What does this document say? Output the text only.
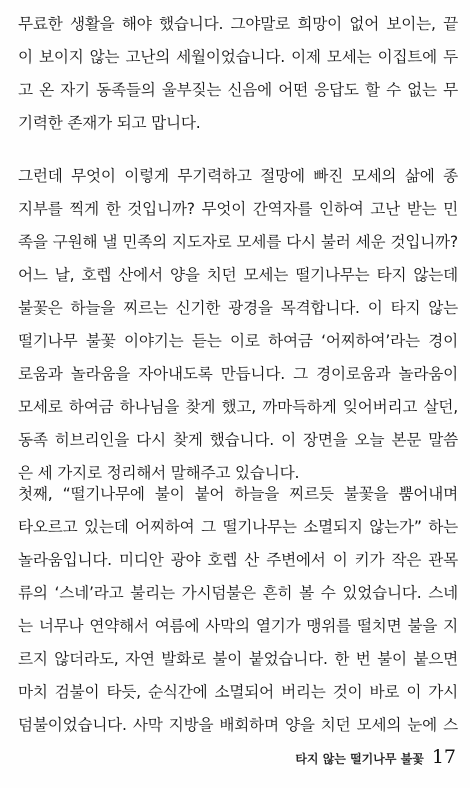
무료한 생활을 해야 했습니다. 그야말로 희망이 없어 보이는, 끝
이 보이지 않는 고난의 세월이었습니다. 이제 모세는 이집트에 두
고 온 자기 동족들의 울부짖는 신음에 어떤 응답도 할 수 없는 무
기력한 존재가 되고 맙니다.
그런데 무엇이 이렇게 무기력하고 절망에 빠진 모세의 삶에 종
지부를 찍게 한 것입니까? 무엇이 간역자를 인하여 고난 받는 민
족을 구원해 낼 민족의 지도자로 모세를 다시 불러 세운 것입니까?
어느 날, 호렙 산에서 양을 치던 모세는 떨기나무는 타지 않는데
불꽃은 하늘을 찌르는 신기한 광경을 목격합니다. 이 타지 않는
떨기나무 불꽃 이야기는 듣는 이로 하여금 ‘어찌하여’라는 경이
로움과 놀라움을 자아내도록 만듭니다. 그 경이로움과 놀라움이
모세로 하여금 하나님을 찾게 했고, 까마득하게 잊어버리고 살던,
동족 히브리인을 다시 찾게 했습니다. 이 장면을 오늘 본문 말씀
은 세 가지로 정리해서 말해주고 있습니다.
첫째, “떨기나무에 불이 붙어 하늘을 찌르듯 불꽃을 뿜어내며
타오르고 있는데 어찌하여 그 떨기나무는 소멸되지 않는가” 하는
놀라움입니다. 미디안 광야 호렙 산 주변에서 이 키가 작은 관목
류의 ‘스네’라고 불리는 가시덤불은 흔히 볼 수 있었습니다. 스네
는 너무나 연약해서 여름에 사막의 열기가 맹위를 떨치면 불을 지
르지 않더라도, 자연 발화로 불이 붙었습니다. 한 번 불이 붙으면
마치 검불이 타듯, 순식간에 소멸되어 버리는 것이 바로 이 가시
덤불이었습니다. 사막 지방을 배회하며 양을 치던 모세의 눈에 스
타지 않는 떨기나무 불꽃 17
